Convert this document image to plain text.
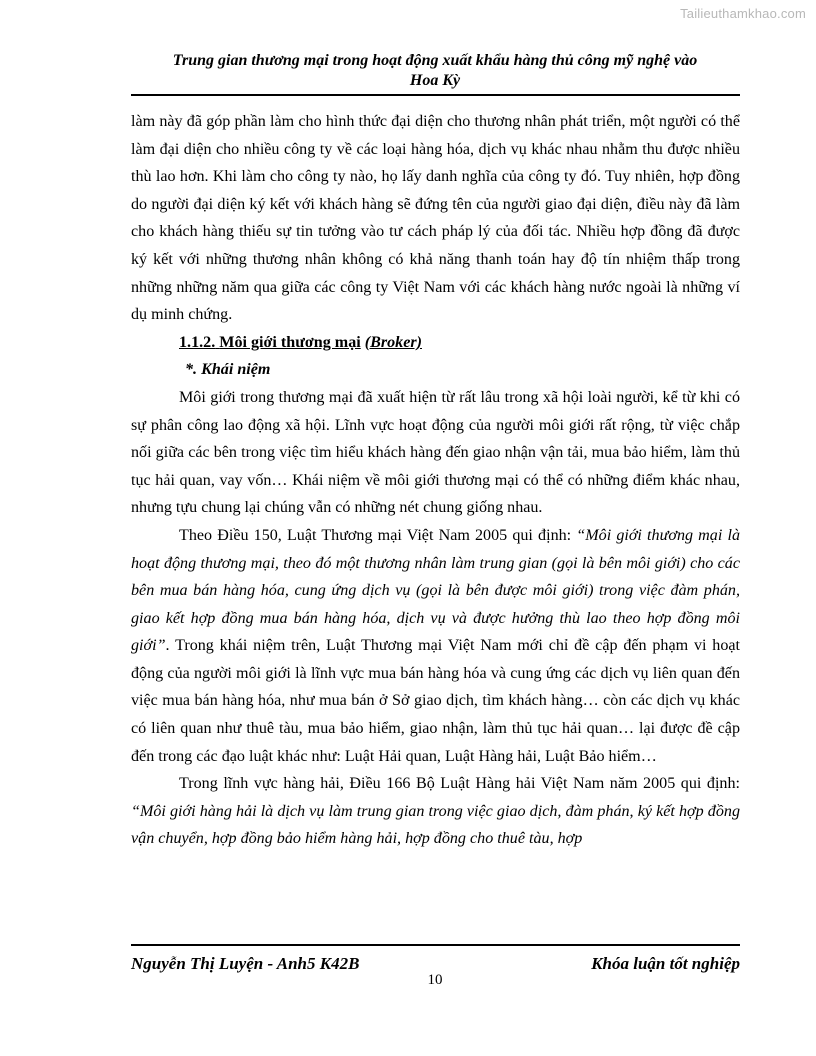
Tailieuthamkhao.com
Trung gian thương mại trong hoạt động xuất khẩu hàng thủ công mỹ nghệ vào
Hoa Kỳ

làm này đã góp phần làm cho hình thức đại diện cho thương nhân phát triển, một người có thể làm đại diện cho nhiều công ty về các loại hàng hóa, dịch vụ khác nhau nhằm thu được nhiều thù lao hơn. Khi làm cho công ty nào, họ lấy danh nghĩa của công ty đó. Tuy nhiên, hợp đồng do người đại diện ký kết với khách hàng sẽ đứng tên của người giao đại diện, điều này đã làm cho khách hàng thiếu sự tin tưởng vào tư cách pháp lý của đối tác. Nhiều hợp đồng đã được ký kết với những thương nhân không có khả năng thanh toán hay độ tín nhiệm thấp trong những những năm qua giữa các công ty Việt Nam với các khách hàng nước ngoài là những ví dụ minh chứng.

1.1.2. Môi giới thương mại (Broker)

*. Khái niệm

Môi giới trong thương mại đã xuất hiện từ rất lâu trong xã hội loài người, kể từ khi có sự phân công lao động xã hội. Lĩnh vực hoạt động của người môi giới rất rộng, từ việc chắp nối giữa các bên trong việc tìm hiểu khách hàng đến giao nhận vận tải, mua bảo hiểm, làm thủ tục hải quan, vay vốn… Khái niệm về môi giới thương mại có thể có những điểm khác nhau, nhưng tựu chung lại chúng vẫn có những nét chung giống nhau.

Theo Điều 150, Luật Thương mại Việt Nam 2005 qui định: “Môi giới thương mại là hoạt động thương mại, theo đó một thương nhân làm trung gian (gọi là bên môi giới) cho các bên mua bán hàng hóa, cung ứng dịch vụ (gọi là bên được môi giới) trong việc đàm phán, giao kết hợp đồng mua bán hàng hóa, dịch vụ và được hưởng thù lao theo hợp đồng môi giới”. Trong khái niệm trên, Luật Thương mại Việt Nam mới chỉ đề cập đến phạm vi hoạt động của người môi giới là lĩnh vực mua bán hàng hóa và cung ứng các dịch vụ liên quan đến việc mua bán hàng hóa, như mua bán ở Sở giao dịch, tìm khách hàng… còn các dịch vụ khác có liên quan như thuê tàu, mua bảo hiểm, giao nhận, làm thủ tục hải quan… lại được đề cập đến trong các đạo luật khác như: Luật Hải quan, Luật Hàng hải, Luật Bảo hiểm…

Trong lĩnh vực hàng hải, Điều 166 Bộ Luật Hàng hải Việt Nam năm 2005 qui định: “Môi giới hàng hải là dịch vụ làm trung gian trong việc giao dịch, đàm phán, ký kết hợp đồng vận chuyển, hợp đồng bảo hiểm hàng hải, hợp đồng cho thuê tàu, hợp

Nguyễn Thị Luyện - Anh5 K42B	Khóa luận tốt nghiệp
10
